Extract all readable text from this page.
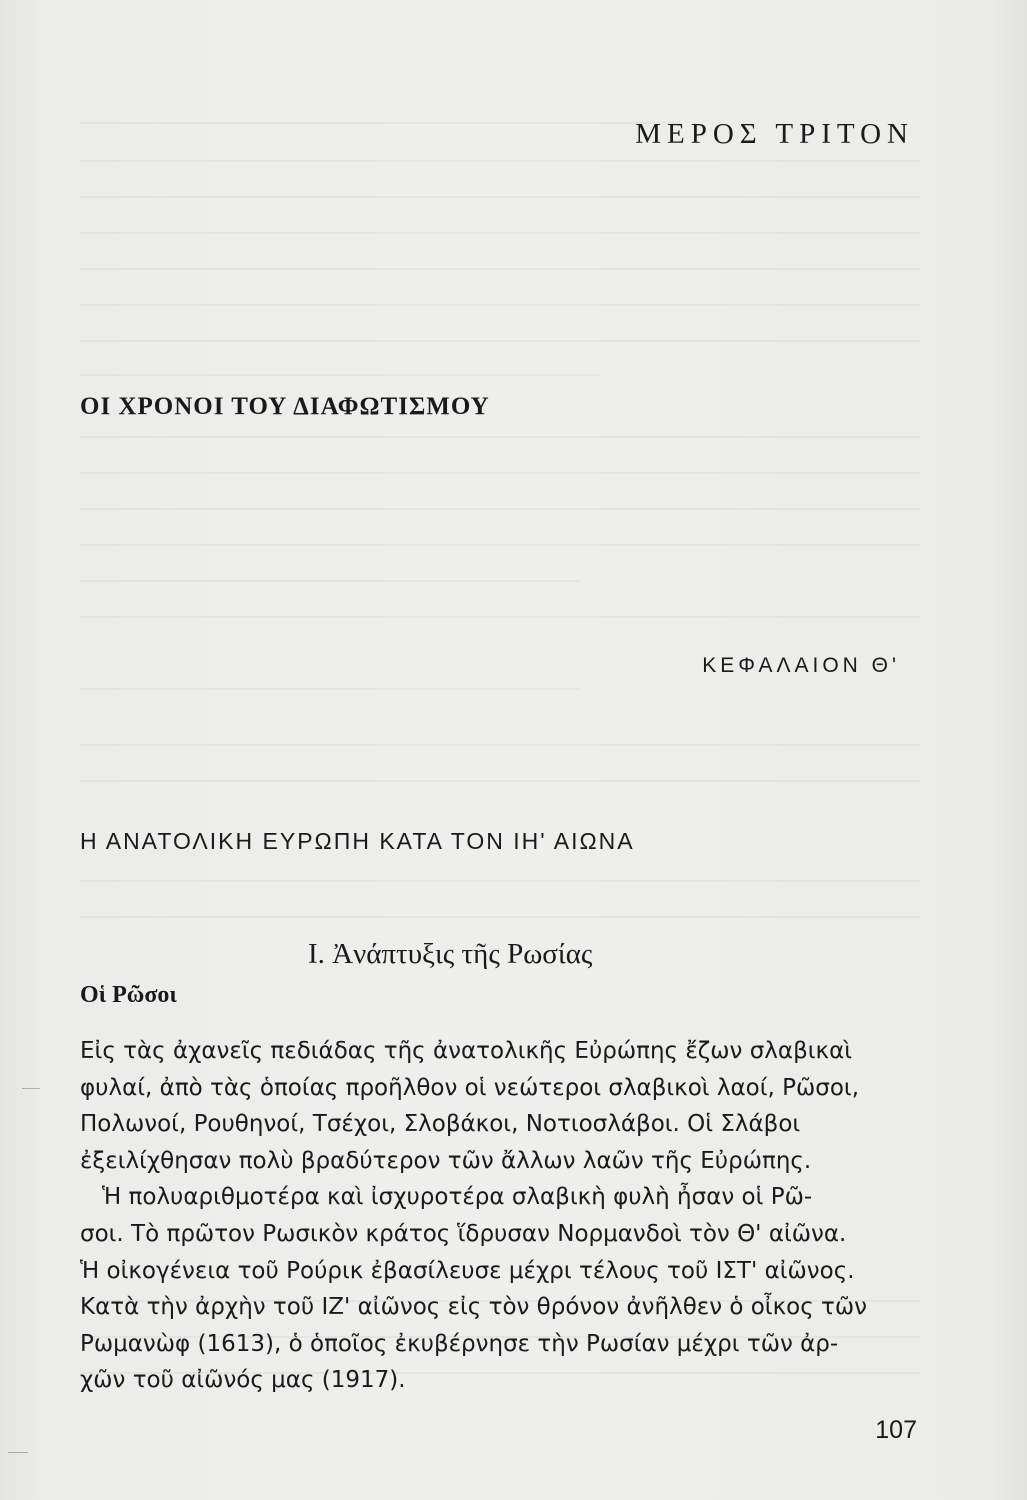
ΜΕΡΟΣ ΤΡΙΤΟΝ
ΟΙ ΧΡΟΝΟΙ ΤΟΥ ΔΙΑΦΩΤΙΣΜΟΥ
ΚΕΦΑΛΑΙΟΝ Θ'
Η ΑΝΑΤΟΛΙΚΗ ΕΥΡΩΠΗ ΚΑΤΑ ΤΟΝ ΙΗ' ΑΙΩΝΑ
Ι. Ἀνάπτυξις τῆς Ρωσίας
Οἱ Ρῶσοι
Εἰς τὰς ἀχανεῖς πεδιάδας τῆς ἀνατολικῆς Εὐρώπης ἔζων σλαβικαὶ
φυλαί, ἀπὸ τὰς ὁποίας προῆλθον οἱ νεώτεροι σλαβικοὶ λαοί, Ρῶσοι,
Πολωνοί, Ρουθηνοί, Τσέχοι, Σλοβάκοι, Νοτιοσλάβοι. Οἱ Σλάβοι
ἐξειλίχθησαν πολὺ βραδύτερον τῶν ἄλλων λαῶν τῆς Εὐρώπης.
Ἡ πολυαριθμοτέρα καὶ ἰσχυροτέρα σλαβικὴ φυλὴ ἦσαν οἱ Ρῶ-
σοι. Τὸ πρῶτον Ρωσικὸν κράτος ἵδρυσαν Νορμανδοὶ τὸν Θ' αἰῶνα.
Ἡ οἰκογένεια τοῦ Ρούρικ ἐβασίλευσε μέχρι τέλους τοῦ ΙΣΤ' αἰῶνος.
Κατὰ τὴν ἀρχὴν τοῦ ΙΖ' αἰῶνος εἰς τὸν θρόνον ἀνῆλθεν ὁ οἶκος τῶν
Ρωμανὼφ (1613), ὁ ὁποῖος ἐκυβέρνησε τὴν Ρωσίαν μέχρι τῶν ἀρ-
χῶν τοῦ αἰῶνός μας (1917).
107
